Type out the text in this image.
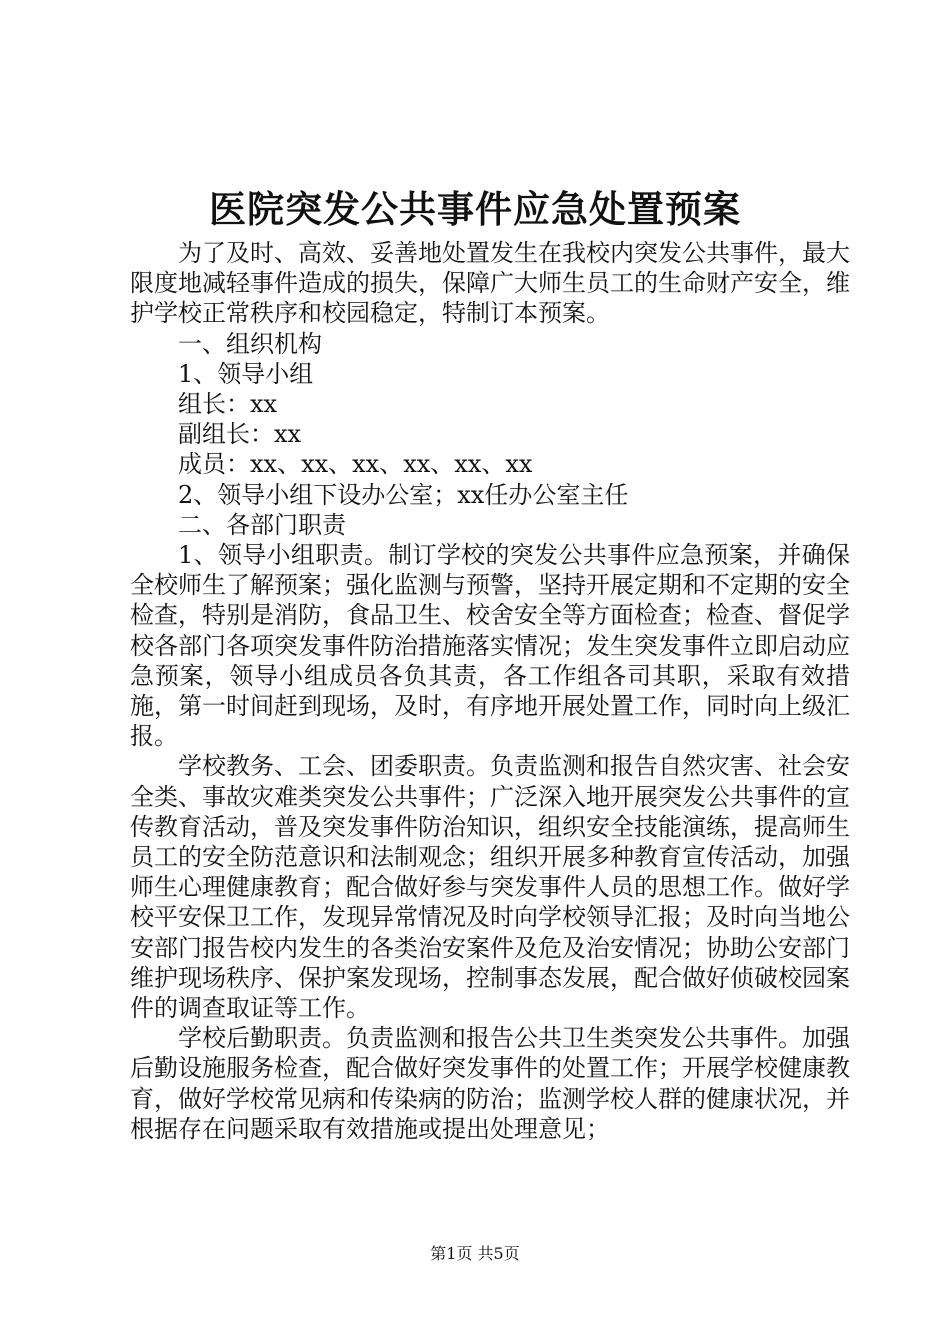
医院突发公共事件应急处置预案

为了及时、高效、妥善地处置发生在我校内突发公共事件，最大限度地减轻事件造成的损失，保障广大师生员工的生命财产安全，维护学校正常秩序和校园稳定，特制订本预案。

一、组织机构

1、领导小组

组长：xx

副组长：xx

成员：xx、xx、xx、xx、xx、xx

2、领导小组下设办公室；xx任办公室主任

二、各部门职责

1、领导小组职责。制订学校的突发公共事件应急预案，并确保全校师生了解预案；强化监测与预警，坚持开展定期和不定期的安全检查，特别是消防，食品卫生、校舍安全等方面检查；检查、督促学校各部门各项突发事件防治措施落实情况；发生突发事件立即启动应急预案，领导小组成员各负其责，各工作组各司其职，采取有效措施，第一时间赶到现场，及时，有序地开展处置工作，同时向上级汇报。

学校教务、工会、团委职责。负责监测和报告自然灾害、社会安全类、事故灾难类突发公共事件；广泛深入地开展突发公共事件的宣传教育活动，普及突发事件防治知识，组织安全技能演练，提高师生员工的安全防范意识和法制观念；组织开展多种教育宣传活动，加强师生心理健康教育；配合做好参与突发事件人员的思想工作。做好学校平安保卫工作，发现异常情况及时向学校领导汇报；及时向当地公安部门报告校内发生的各类治安案件及危及治安情况；协助公安部门维护现场秩序、保护案发现场，控制事态发展，配合做好侦破校园案件的调查取证等工作。

学校后勤职责。负责监测和报告公共卫生类突发公共事件。加强后勤设施服务检查，配合做好突发事件的处置工作；开展学校健康教育，做好学校常见病和传染病的防治；监测学校人群的健康状况，并根据存在问题采取有效措施或提出处理意见；

第1页 共5页
